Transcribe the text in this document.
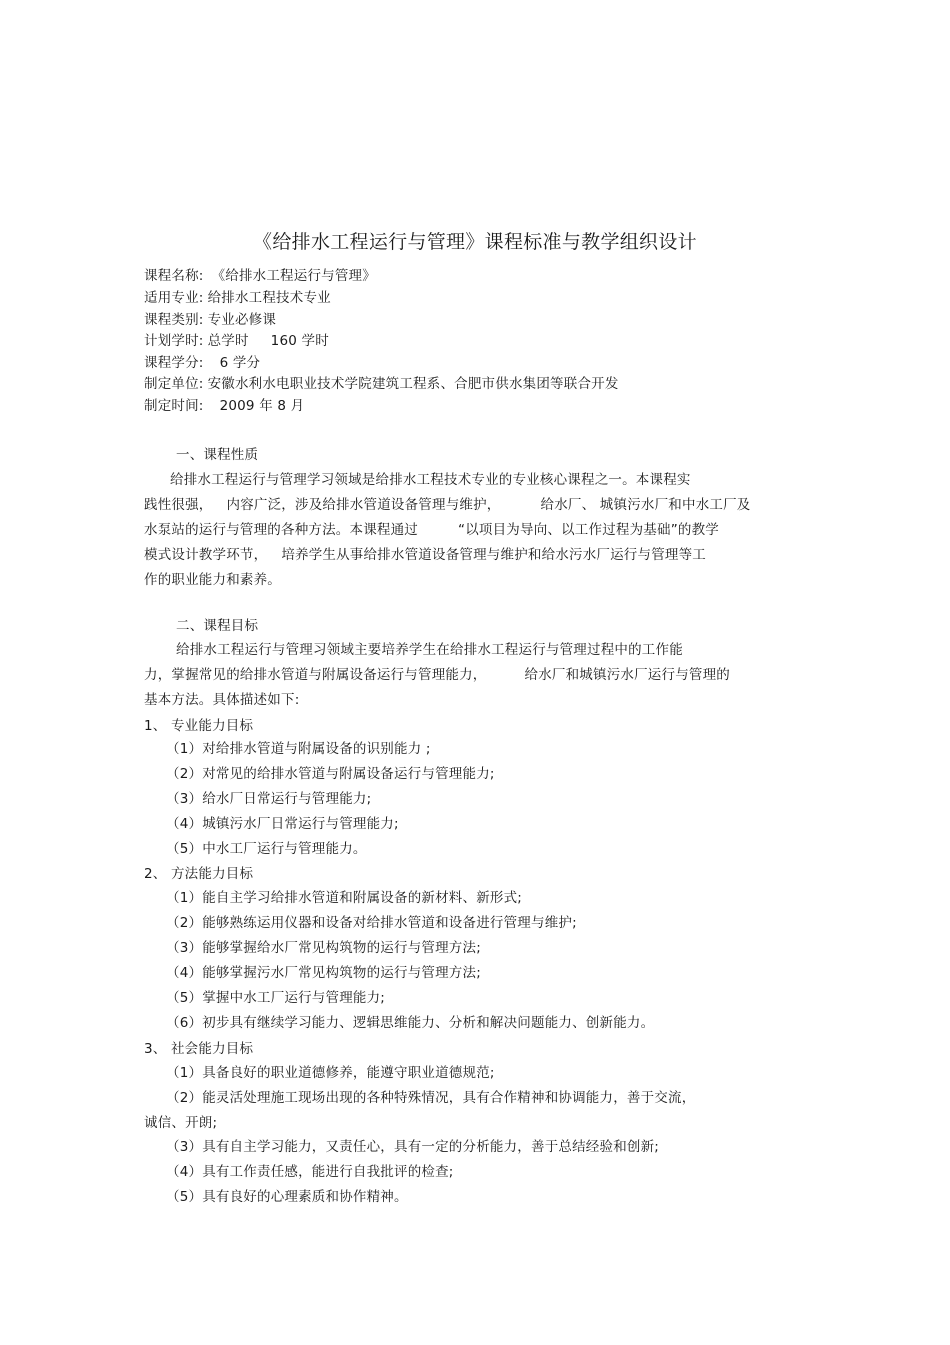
《给排水工程运行与管理》课程标准与教学组织设计
课程名称: 《给排水工程运行与管理》
适用专业: 给排水工程技术专业
课程类别: 专业必修课
计划学时: 总学时 160 学时
课程学分: 6 学分
制定单位: 安徽水利水电职业技术学院建筑工程系、合肥市供水集团等联合开发
制定时间: 2009 年 8 月
一、课程性质
给排水工程运行与管理学习领域是给排水工程技术专业的专业核心课程之一。本课程实
践性很强， 内容广泛，涉及给排水管道设备管理与维护，	给水厂、 城镇污水厂和中水工厂及
水泵站的运行与管理的各种方法。本课程通过	“以项目为导向、以工作过程为基础”的教学
模式设计教学环节， 培养学生从事给排水管道设备管理与维护和给水污水厂运行与管理等工
作的职业能力和素养。
二、课程目标
给排水工程运行与管理习领域主要培养学生在给排水工程运行与管理过程中的工作能
力，掌握常见的给排水管道与附属设备运行与管理能力，	给水厂和城镇污水厂运行与管理的
基本方法。具体描述如下:
1、 专业能力目标
（1）对给排水管道与附属设备的识别能力 ;
（2）对常见的给排水管道与附属设备运行与管理能力;
（3）给水厂日常运行与管理能力;
（4）城镇污水厂日常运行与管理能力;
（5）中水工厂运行与管理能力。
2、 方法能力目标
（1）能自主学习给排水管道和附属设备的新材料、新形式;
（2）能够熟练运用仪器和设备对给排水管道和设备进行管理与维护;
（3）能够掌握给水厂常见构筑物的运行与管理方法;
（4）能够掌握污水厂常见构筑物的运行与管理方法;
（5）掌握中水工厂运行与管理能力;
（6）初步具有继续学习能力、逻辑思维能力、分析和解决问题能力、创新能力。
3、 社会能力目标
（1）具备良好的职业道德修养，能遵守职业道德规范;
（2）能灵活处理施工现场出现的各种特殊情况，具有合作精神和协调能力，善于交流，
诚信、开朗;
（3）具有自主学习能力，又责任心，具有一定的分析能力，善于总结经验和创新;
（4）具有工作责任感，能进行自我批评的检查;
（5）具有良好的心理素质和协作精神。
